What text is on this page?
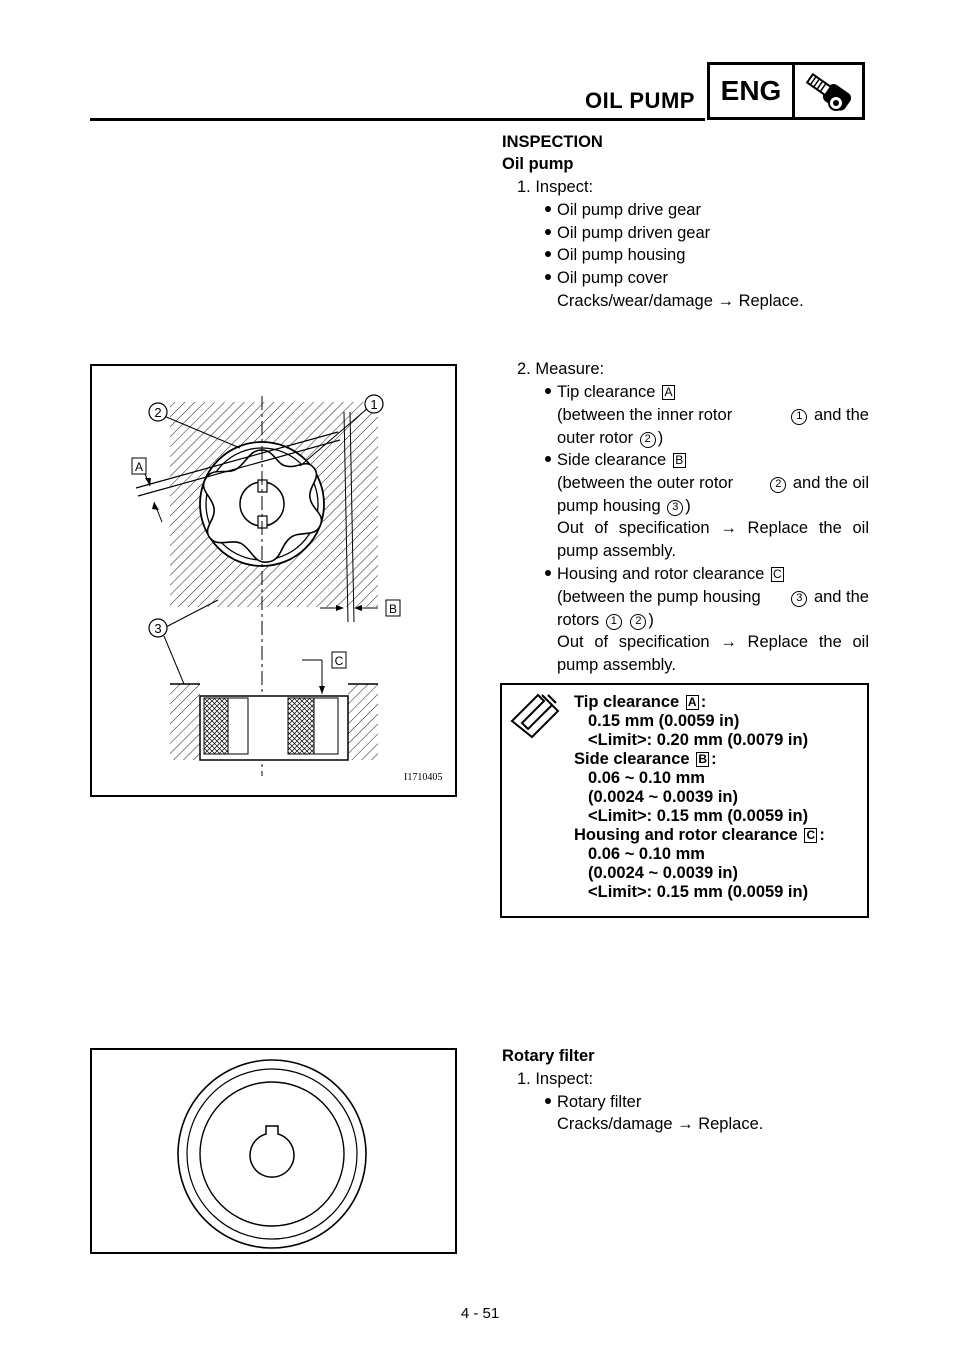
OIL PUMP ENG
INSPECTION
Oil pump
1. Inspect:
Oil pump drive gear
Oil pump driven gear
Oil pump housing
Oil pump cover
Cracks/wear/damage → Replace.
2. Measure:
Tip clearance A
(between the inner rotor	1 and the
outer rotor 2 )
Side clearance B
(between the outer rotor	2 and the oil
pump housing 3 )
Out of specification → Replace the oil pump assembly.
Housing and rotor clearance C
(between the pump housing	3 and the
rotors 1 2 )
Out of specification → Replace the oil pump assembly.
2
1
3
A
B
C
I1710405
Tip clearance A :
0.15 mm (0.0059 in)
<Limit>: 0.20 mm (0.0079 in)
Side clearance B :
0.06 ~ 0.10 mm
(0.0024 ~ 0.0039 in)
<Limit>: 0.15 mm (0.0059 in)
Housing and rotor clearance C :
0.06 ~ 0.10 mm
(0.0024 ~ 0.0039 in)
<Limit>: 0.15 mm (0.0059 in)
Rotary filter
1. Inspect:
Rotary filter
Cracks/damage → Replace.
4 - 51
